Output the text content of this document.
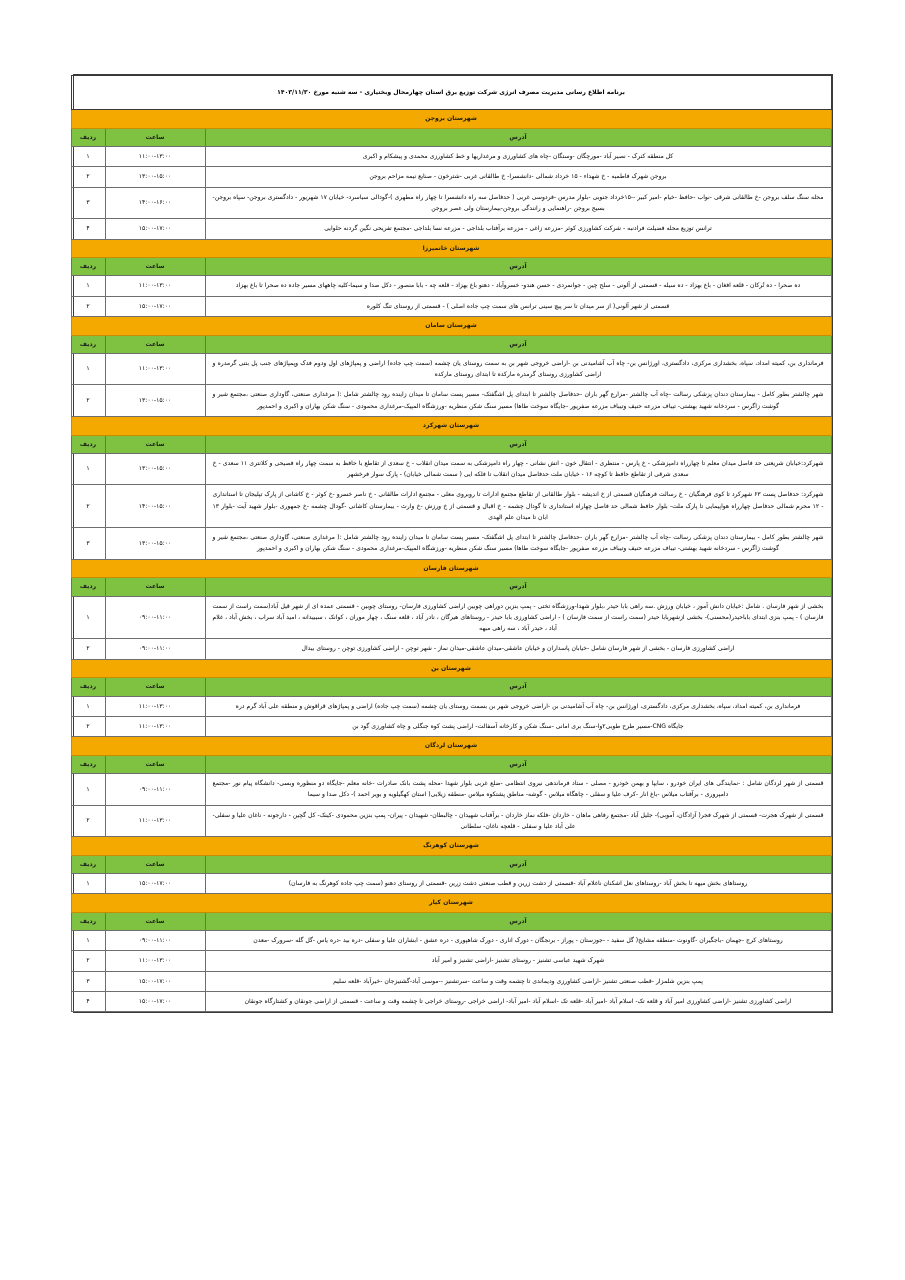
برنامه اطلاع رسانی مدیریت مصرف انرژی شرکت توزیع برق استان چهارمحال وبختیاری - سه شنبه مورخ ۱۴۰۳/۱۱/۳۰		
شهرستان بروجن		
آدرس	ساعت	ردیف
کل منطقه کنرک - نصیر آباد -مورچگان -وستگان -چاه های کشاورزی و مرغداریها و خط کشاورزی محمدی و پیشکام و اکبری	۱۱:۰۰-۱۳:۰۰	۱
بروجن شهرک فاطمیه - خ شهداء - ۱۵ خرداد شمالی -دانشسرا- خ طالقانی غربی -شترخون - صنایع نیمه مزاحم بروجن	۱۳:۰۰-۱۵:۰۰	۲
محله سنگ سلف بروجن -خ طالقانی شرقی -نواب -حافظ -خیام -امیر کبیر --۱۵خرداد جنوبی -بلوار مدرس -فردوسی غربی ( حدفاصل سه راه دانشسرا تا چهار راه مطهری )-گودالی سیاسرد- خیابان ۱۷ شهریور - دادگستری بروجن- سپاه بروجن- بسیج بروجن -راهنمایی و رانندگی بروجن-بیمارستان ولی عصر بروجن	۱۴:۰۰-۱۶:۰۰	۳
ترانس توزیع محله فضیلت فرادنبه - شرکت کشاورزی کوثر -مزرعه زاغی - مزرعه برآفتاب بلداجی - مزرعه نسا بلداجی -مجتمع تفریحی نگین گردنه حلوایی	۱۵:۰۰-۱۷:۰۰	۴
شهرستان خانمیرزا		
آدرس	ساعت	ردیف
ده صحرا - ده تُرکان - قلعه افغان - باغ بهزاد - ده سیله - قسمتی از آلونی - سلح چین - جوانمردی - حسن هندو- خسروآباد - دهنو باغ بهزاد - قلعه چه - بابا منصور - دکل صدا و سیما-کلیه چاههای مسیر جاده ده صحرا تا باغ بهزاد	۱۱:۰۰-۱۳:۰۰	۱
قسمتی از شهر آلونی( از سر میدان تا سر پیچ سینی ترانس های سمت چپ جاده اصلی ) - قسمتی از روستای تنگ کلوره	۱۵:۰۰-۱۷:۰۰	۲
شهرستان سامان		
آدرس	ساعت	ردیف
فرمانداری بن، کمیته امداد، سپاه، بخشداری مرکزی، دادگستری، اورژانس بن- چاه آب آشامیدنی بن -اراضی خروجی شهر بن به سمت روستای یان چشمه (سمت چپ جاده) اراضی و پمپاژهای اول ودوم فدک وپمپاژهای جنب پل بتنی گرمدره و اراضی کشاورزی روستای گرمدره مارکده تا ابتدای روستای مارکده	۱۱:۰۰-۱۳:۰۰	۱
شهر چالشتر بطور کامل - بیمارستان دندان پزشکی رسالت -چاه آب چالشتر -مزارع گهر باران -حدفاصل چالشتر تا ابتدای پل اشگفتک- مسیر پست سامان تا میدان زاینده رود چالشتر شامل :( مرغداری صنعتی، گاوداری صنعتی ،مجتمع شیر و گوشت زاگرس - سردخانه شهید بهشتی- تیباف مزرعه حنیف وتیباف مزرعه صفرپور -جایگاه سوخت طاها) مسیر سنگ شکن منظریه -ورزشگاه المپیک-مرغداری محمودی - سنگ شکن بهاران و اکبری و احمدپور	۱۳:۰۰-۱۵:۰۰	۲
شهرستان شهرکرد		
آدرس	ساعت	ردیف
شهرکرد:خیابان شریعتی حد فاصل میدان معلم تا چهارراه دامپزشکی - خ پارس - منتظری - انتقال خون - اتش نشانی - چهار راه دامپزشکی به سمت میدان انقلاب - خ سعدی از تقاطع با حافظ به سمت چهار راه فصیحی و کلانتری ۱۱ سعدی - خ سعدی شرقی از تقاطع حافظ تا کوچه ۱۶ - خیابان ملت حدفاصل میدان انقلاب تا فلکه ایی ( سمت شمالی خیابان) - پارک سوار فرخشهر	۱۳:۰۰-۱۵:۰۰	۱
شهرکرد: حدفاصل پست ۶۳ شهرکرد تا کوی فرهنگیان - خ رسالت فرهنگیان قسمتی از خ اندیشه - بلوار طالقانی از تقاطع مجتمع ادارات تا روبروی معلی - مجتمع ادارات طالقانی - خ ناصر خسرو -خ کوثر - خ کاشانی از پارک تپلیجان تا استانداری - ۱۲ محرم شمالی حدفاصل چهارراه هواپیمایی تا پارک ملت- بلوار حافظ شمالی حد فاصل چهاراه استانداری تا گودال چشمه - خ اقبال و قسمتی از خ ورزش -خ وارث - بیمارستان کاشانی -گودال چشمه -خ جمهوری -بلوار شهید آیت -بلوار ۱۳ ابان تا میدان علم الهدی	۱۴:۰۰-۱۵:۰۰	۲
شهر چالشتر بطور کامل - بیمارستان دندان پزشکی رسالت -چاه آب چالشتر -مزارع گهر باران -حدفاصل چالشتر تا ابتدای پل اشگفتک- مسیر پست سامان تا میدان زاینده رود چالشتر شامل :( مرغداری صنعتی، گاوداری صنعتی ،مجتمع شیر و گوشت زاگرس - سردخانه شهید بهشتی- تیباف مزرعه حنیف وتیباف مزرعه صفرپور -جایگاه سوخت طاها) مسیر سنگ شکن منظریه -ورزشگاه المپیک-مرغداری محمودی - سنگ شکن بهاران و اکبری و احمدپور	۱۳:۰۰-۱۵:۰۰	۳
شهرستان فارسان		
آدرس	ساعت	ردیف
بخشی از شهر فارسان . شامل :خیابان دانش آموز ، خیابان ورزش .سه راهی بابا حیدر ،بلوار شهدا-ورزشگاه تختی - پمپ بنزین دوراهی چوبین اراضی کشاورزی فارسان- روستای چوبین - قسمتی عمده ای از شهر قیل آباد(سمت راست از سمت فارسان ) - پمپ بنزی ابتدای باباحیدر(محسنی)- بخشی ازشهربابا حیدر (سمت راست از سمت فارسان ) - اراضی کشاورزی بابا حیدر - روستاهای هیرگان ، نادر آباد ، قلعه سنگ ، چهار موران ، کوانک ، سیبیدانه ، امید آباد سراب ، بخش آباد ، غلام آباد ، حیدر آباد ، سه راهی میهه	۰۹:۰۰-۱۱:۰۰	۱
اراضی کشاورزی فارسان - بخشی از شهر فارسان شامل -خیابان پاسداران و خیابان عاشقی-میدان عاشقی-میدان نماز - شهر توچن - اراضی کشاورزی توچن - روستای بیدال	۰۹:۰۰-۱۱:۰۰	۲
شهرستان بن		
آدرس	ساعت	ردیف
فرمانداری بن، کمیته امداد، سپاه، بخشداری مرکزی، دادگستری، اورژانس بن- چاه آب آشامیدنی بن -اراضی خروجی شهر بن بسمت روستای یان چشمه (سمت چپ جاده) اراضی و پمپاژهای قراقوش و منطقه علی آباد گرم دره	۱۱:۰۰-۱۳:۰۰	۱
جایگاه CNG-مسیر طرح طوبی۲وا-سنگ بری امانی -سنگ شکن و کارخانه آسفالت- اراضی پشت کوه جنگلی و چاه کشاورزی گود بن	۱۱:۰۰-۱۳:۰۰	۲
شهرستان لردگان		
آدرس	ساعت	ردیف
قسمتی از شهر لردگان شامل : -نمایندگی های ایران خودرو ، سایپا و بهمن خودرو - مصلی - ستاد فرماندهی نیروی انتظامی -ضلع غربی بلوار شهدا -محله پشت بانک صادرات -خانه معلم -جایگاه دو منظوره وبسی- دانشگاه پیام نور -مجتمع دامپروری - برآفتاب میلاس -باغ انار -کرف علیا و سفلی - چاهگاه میلاس - گوشه- مناطق پشتکوه میلاس -منطقه زیلایی( استان کهگیلویه و بویر احمد )- دکل صدا و سیما	۰۹:۰۰-۱۱:۰۰	۱
قسمتی از شهرک هجرت- قسمتی از شهرک فجر( آزادگان، آموبی)- جلیل آباد -مجتمع رفاهی ماهان - خاردان -فلکه نماز خاردان - برآفتاب شهیدان - چالبطان- شهیدان - پیران- پمپ بنزین محمودی -کینک- کل گچین - دارجونه - ناغان علیا و سفلی- علی آباد علیا و سفلی - قلعچه ناغان- سلطانی	۱۱:۰۰-۱۳:۰۰	۲
شهرستان کوهرنگ		
آدرس	ساعت	ردیف
روستاهای بخش میهه تا بخش آباد -روستاهای نعل اشکنان ناغلام آباد -قسمتی از دشت زرین و قطب صنعتی دشت زرین -قسمتی از روستای دهنو (سمت چپ جاده کوهرنگ به فارسان)	۱۵:۰۰-۱۷:۰۰	۱
شهرستان کیار		
آدرس	ساعت	ردیف
روستاهای کرج -جهمان -باجگیران -گاونوت -منطقه مشایخ( گل سفید - -جوزستان - پوراز - برنجگان - دورک اناری - دورک شاهپوری - دره عشق - ابشاران علیا و سفلی -دره بید -دره یاس -گل گله -سرورک -معدن	۰۹:۰۰-۱۱:۰۰	۱
شهرک شهید عباسی تشنیز - روستای تشنیز -اراضی تشنیز و امیر آباد	۱۱:۰۰-۱۳:۰۰	۲
پمپ بنزین شلمزار -قطب صنعتی تشنیز -اراضی کشاورزی ودیماندی تا چشمه وقت و ساعت -سرتشنیز --موسی آباد-گشنیزجان -خیرآباد -قلعه سلیم	۱۵:۰۰-۱۷:۰۰	۳
اراضی کشاورزی تشنیز -اراضی کشاورزی امیر آباد و قلعه تک- اسلام آباد -امیر آباد -قلعه تک -اسلام آباد -امیر آباد- اراضی خراجی -روستای خراجی تا چشمه وقت و ساعت - قسمتی از اراضی جونقان و کشتارگاه جونقان	۱۵:۰۰-۱۷:۰۰	۴
